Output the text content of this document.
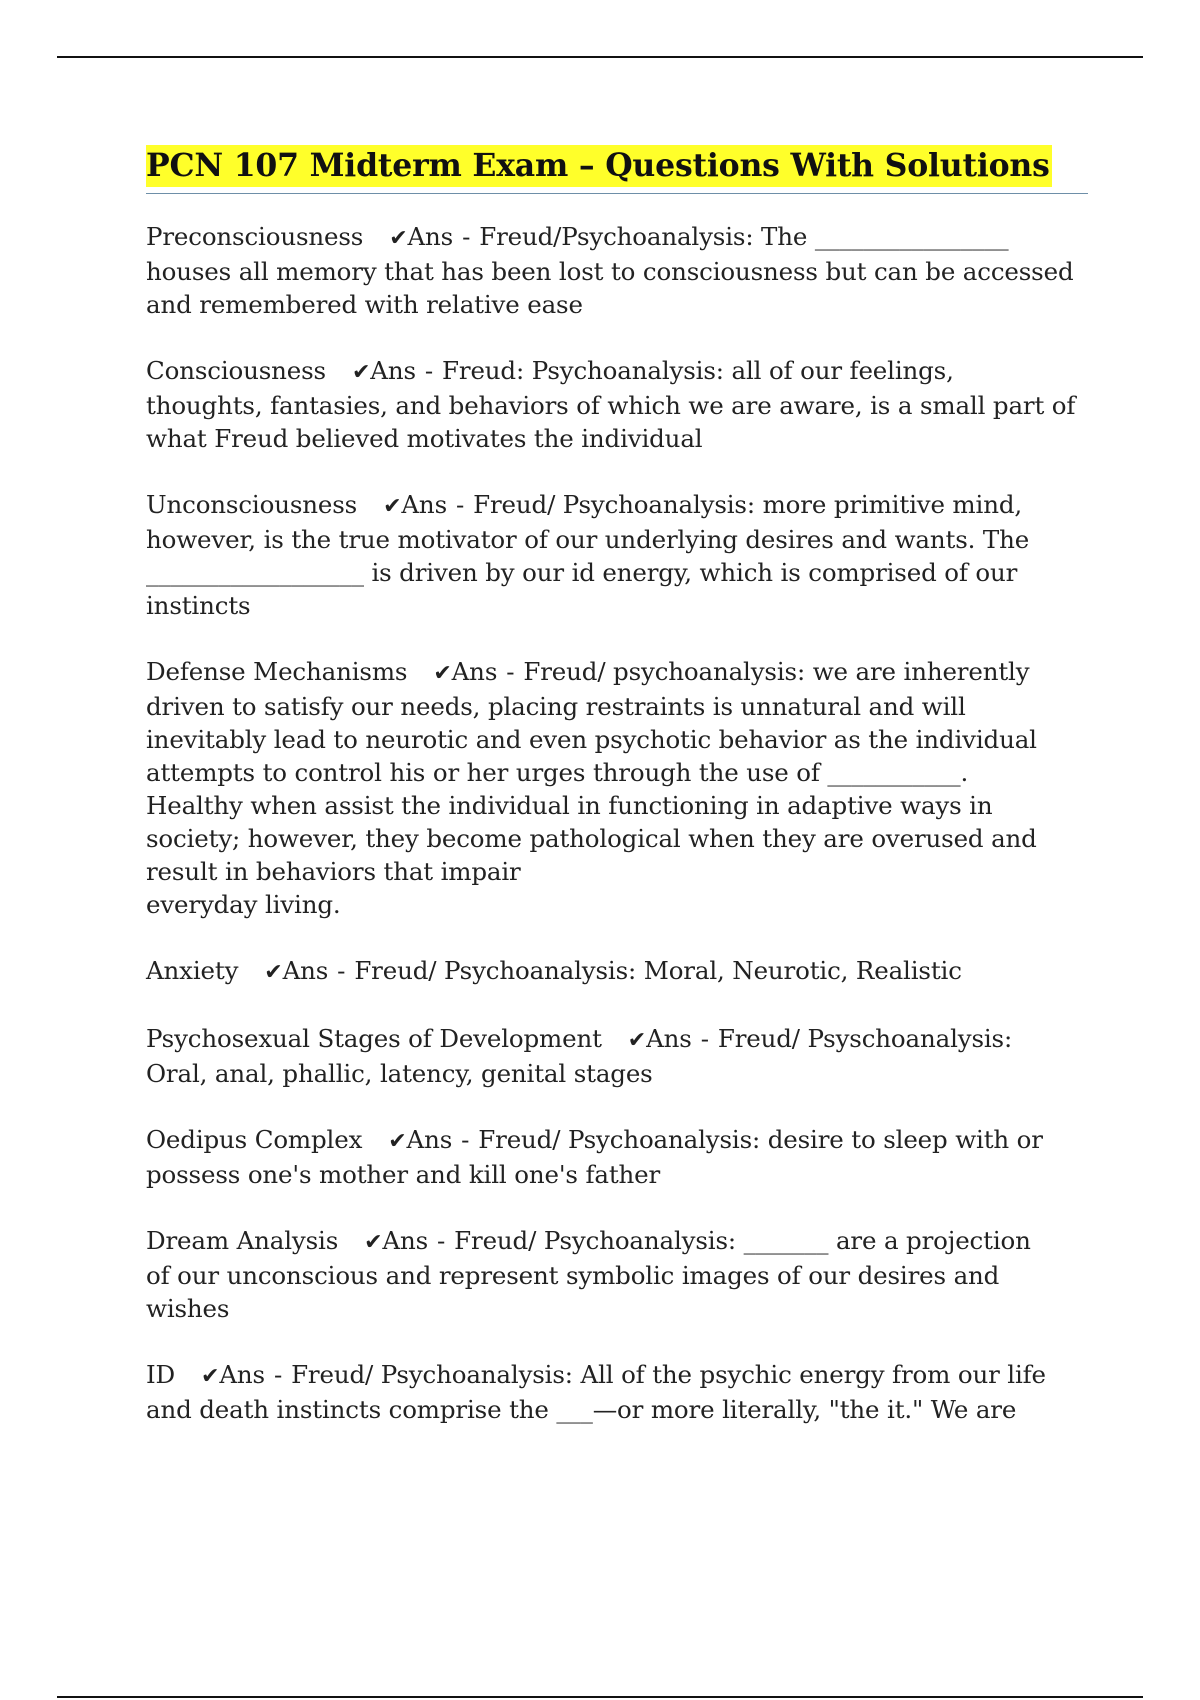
PCN 107 Midterm Exam – Questions With Solutions
Preconsciousness ✔Ans - Freud/Psychoanalysis: The ________________
houses all memory that has been lost to consciousness but can be accessed
and remembered with relative ease
Consciousness ✔Ans - Freud: Psychoanalysis: all of our feelings,
thoughts, fantasies, and behaviors of which we are aware, is a small part of
what Freud believed motivates the individual
Unconsciousness ✔Ans - Freud/ Psychoanalysis: more primitive mind,
however, is the true motivator of our underlying desires and wants. The
__________________ is driven by our id energy, which is comprised of our
instincts
Defense Mechanisms ✔Ans - Freud/ psychoanalysis: we are inherently
driven to satisfy our needs, placing restraints is unnatural and will
inevitably lead to neurotic and even psychotic behavior as the individual
attempts to control his or her urges through the use of ___________.
Healthy when assist the individual in functioning in adaptive ways in
society; however, they become pathological when they are overused and
result in behaviors that impair
everyday living.
Anxiety ✔Ans - Freud/ Psychoanalysis: Moral, Neurotic, Realistic
Psychosexual Stages of Development ✔Ans - Freud/ Psyschoanalysis:
Oral, anal, phallic, latency, genital stages
Oedipus Complex ✔Ans - Freud/ Psychoanalysis: desire to sleep with or
possess one's mother and kill one's father
Dream Analysis ✔Ans - Freud/ Psychoanalysis: _______ are a projection
of our unconscious and represent symbolic images of our desires and
wishes
ID ✔Ans - Freud/ Psychoanalysis: All of the psychic energy from our life
and death instincts comprise the ___—or more literally, "the it." We are
